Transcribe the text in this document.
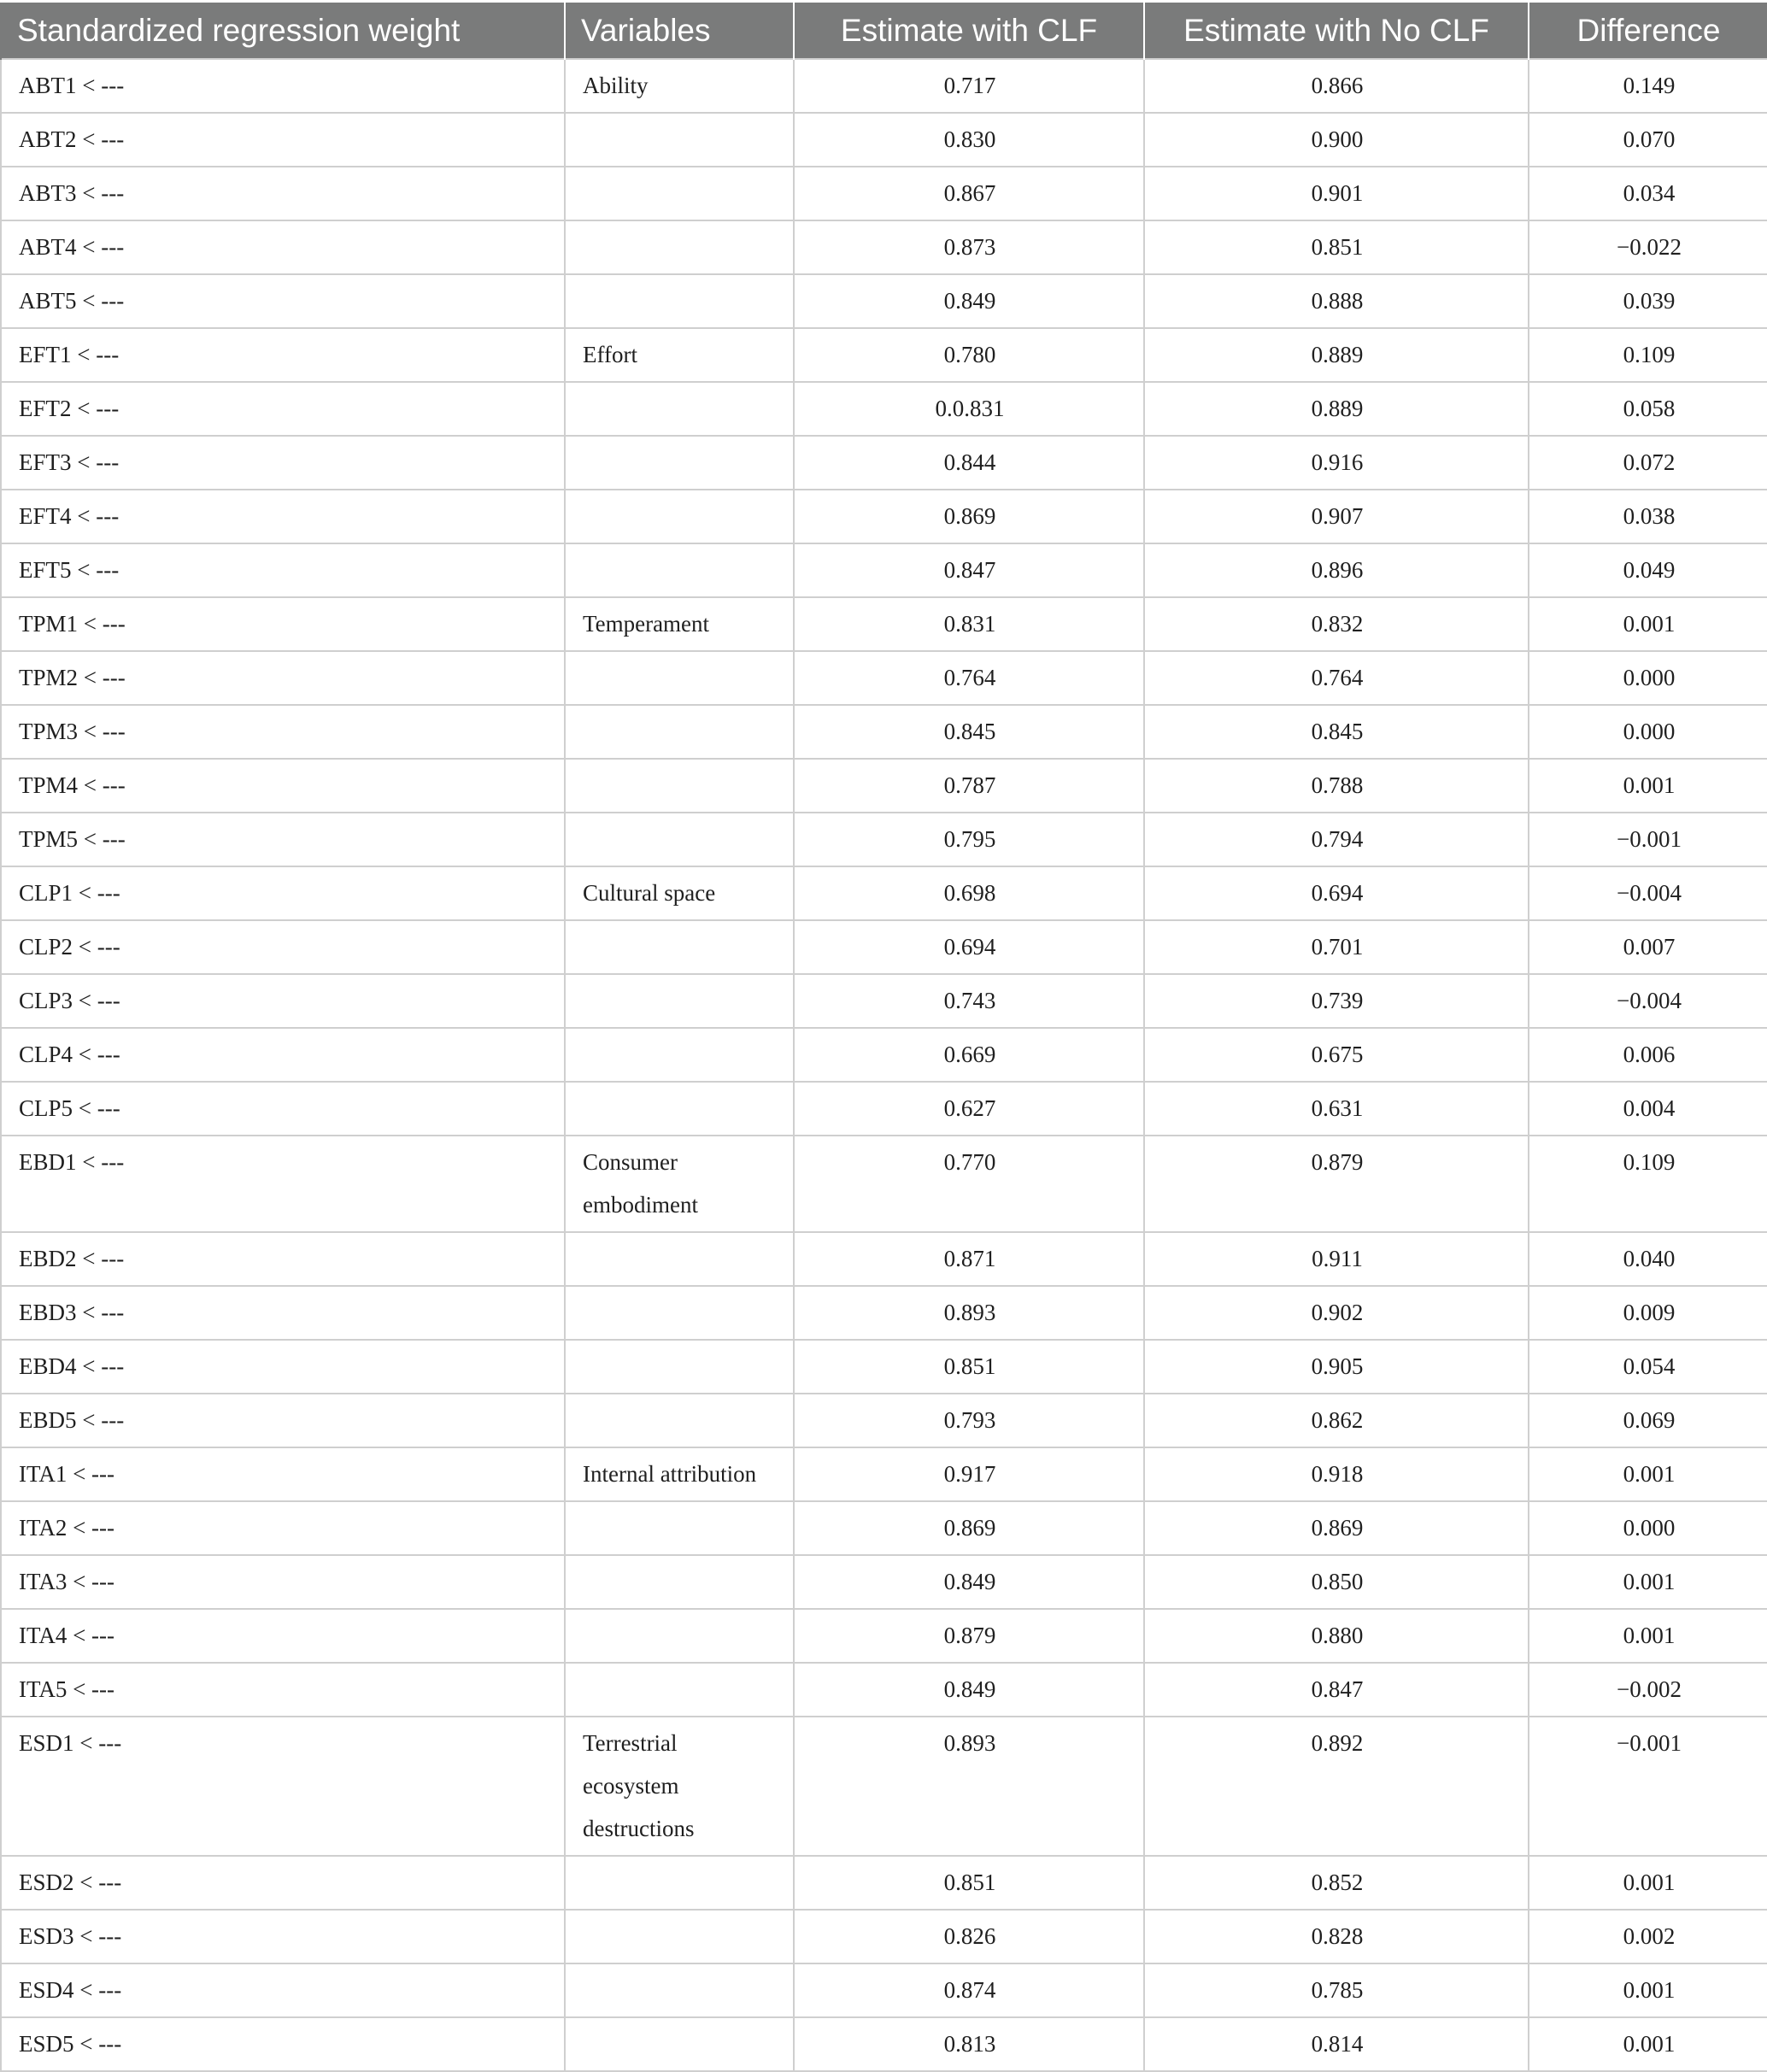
Standardized regression weight	Variables	Estimate with CLF	Estimate with No CLF	Difference
ABT1 < ---	Ability	0.717	0.866	0.149
ABT2 < ---		0.830	0.900	0.070
ABT3 < ---		0.867	0.901	0.034
ABT4 < ---		0.873	0.851	−0.022
ABT5 < ---		0.849	0.888	0.039
EFT1 < ---	Effort	0.780	0.889	0.109
EFT2 < ---		0.0.831	0.889	0.058
EFT3 < ---		0.844	0.916	0.072
EFT4 < ---		0.869	0.907	0.038
EFT5 < ---		0.847	0.896	0.049
TPM1 < ---	Temperament	0.831	0.832	0.001
TPM2 < ---		0.764	0.764	0.000
TPM3 < ---		0.845	0.845	0.000
TPM4 < ---		0.787	0.788	0.001
TPM5 < ---		0.795	0.794	−0.001
CLP1 < ---	Cultural space	0.698	0.694	−0.004
CLP2 < ---		0.694	0.701	0.007
CLP3 < ---		0.743	0.739	−0.004
CLP4 < ---		0.669	0.675	0.006
CLP5 < ---		0.627	0.631	0.004
EBD1 < ---	Consumer embodiment	0.770	0.879	0.109
EBD2 < ---		0.871	0.911	0.040
EBD3 < ---		0.893	0.902	0.009
EBD4 < ---		0.851	0.905	0.054
EBD5 < ---		0.793	0.862	0.069
ITA1 < ---	Internal attribution	0.917	0.918	0.001
ITA2 < ---		0.869	0.869	0.000
ITA3 < ---		0.849	0.850	0.001
ITA4 < ---		0.879	0.880	0.001
ITA5 < ---		0.849	0.847	−0.002
ESD1 < ---	Terrestrial ecosystem destructions	0.893	0.892	−0.001
ESD2 < ---		0.851	0.852	0.001
ESD3 < ---		0.826	0.828	0.002
ESD4 < ---		0.874	0.785	0.001
ESD5 < ---		0.813	0.814	0.001
